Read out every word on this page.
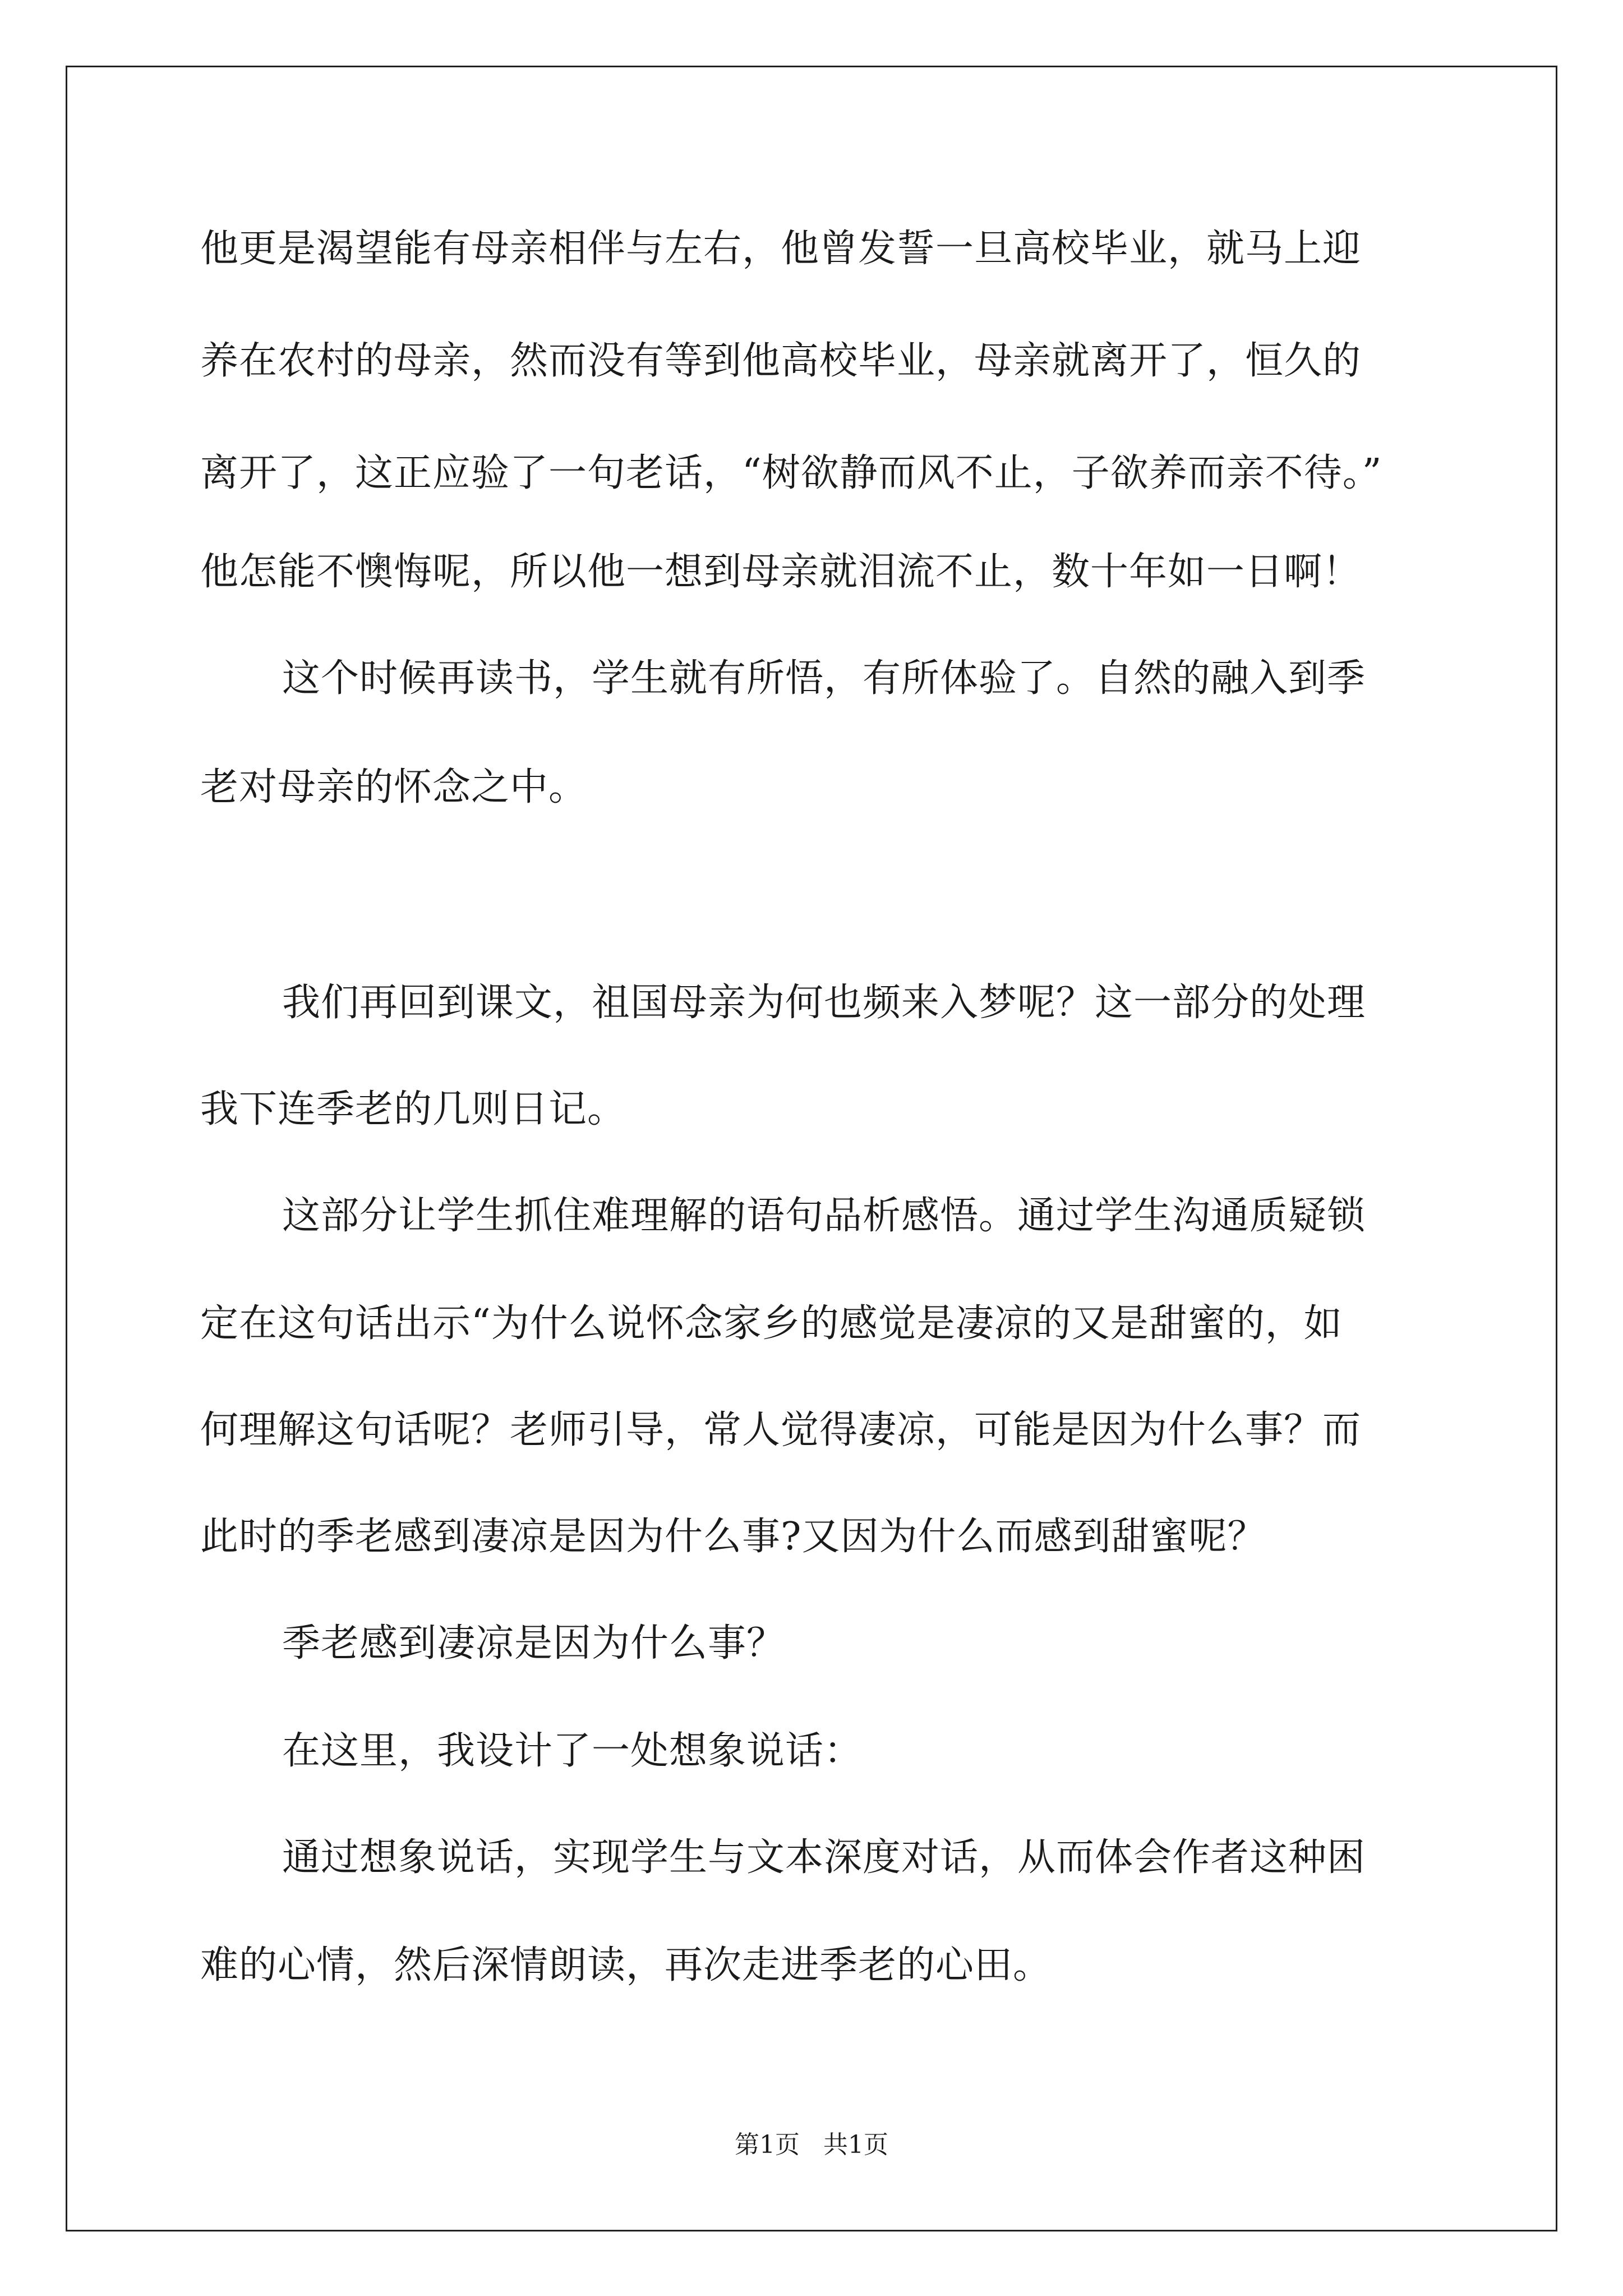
他更是渴望能有母亲相伴与左右，他曾发誓一旦高校毕业，就马上迎

养在农村的母亲，然而没有等到他高校毕业，母亲就离开了，恒久的

离开了，这正应验了一句老话，“树欲静而风不止，子欲养而亲不待。”

他怎能不懊悔呢，所以他一想到母亲就泪流不止，数十年如一日啊！

这个时候再读书，学生就有所悟，有所体验了。自然的融入到季

老对母亲的怀念之中。

我们再回到课文，祖国母亲为何也频来入梦呢？这一部分的处理

我下连季老的几则日记。

这部分让学生抓住难理解的语句品析感悟。通过学生沟通质疑锁

定在这句话出示“为什么说怀念家乡的感觉是凄凉的又是甜蜜的，如

何理解这句话呢？老师引导，常人觉得凄凉，可能是因为什么事？而

此时的季老感到凄凉是因为什么事?又因为什么而感到甜蜜呢？

季老感到凄凉是因为什么事？

在这里，我设计了一处想象说话：

通过想象说话，实现学生与文本深度对话，从而体会作者这种困

难的心情，然后深情朗读，再次走进季老的心田。

第1页   共1页
